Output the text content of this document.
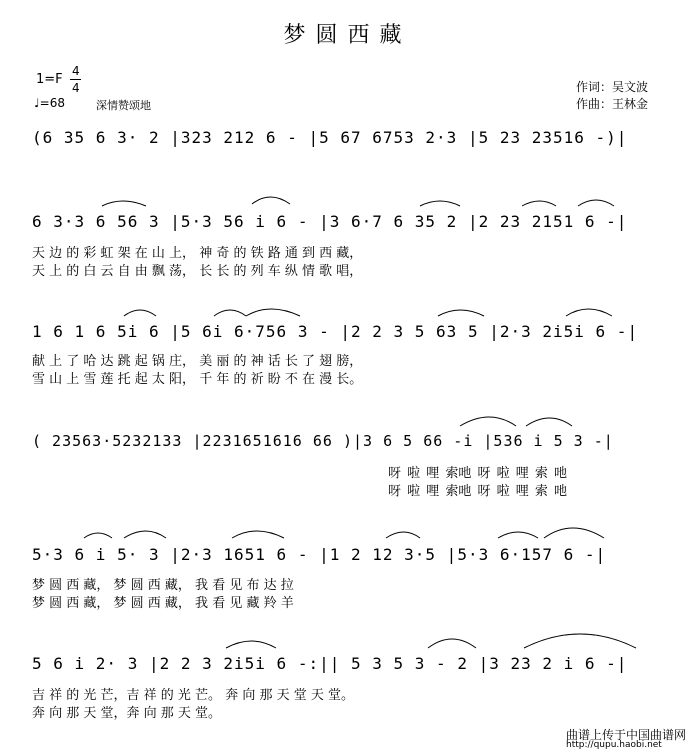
梦圆西藏
1=F
4
4
♩=68	深情赞颂地
作词：吴文波
作曲：王林金
(6 35 6 3· 2 |323 212 6 - |5 67 6753 2·3 |5 23 23516 -)|
6 3·3 6 56 3 |5·3 56 i 6 - |3 6·7 6 35 2 |2 23 2151 6 -|
天 边 的 彩 虹 架 在 山 上， 神 奇 的 铁 路 通 到 西 藏，
天 上 的 白 云 自 由 飘 荡， 长 长 的 列 车 纵 情 歌 唱，
1 6 1 6 5i 6 |5 6i 6·756 3 - |2 2 3 5 63 5 |2·3 2i5i 6 -|
献 上 了 哈 达 跳 起 锅 庄， 美 丽 的 神 话 长 了 翅 膀，
雪 山 上 雪 莲 托 起 太 阳， 千 年 的 祈 盼 不 在 漫 长。
( 23563·5232133 |2231651616 66 )|3 6 5 66 -i |536 i 5 3 -|
呀 啦 哩 索吔 呀 啦 哩 索 吔
呀 啦 哩 索吔 呀 啦 哩 索 吔
5·3 6 i 5· 3 |2·3 1651 6 - |1 2 12 3·5 |5·3 6·157 6 -|
梦 圆 西 藏， 梦 圆 西 藏， 我 看 见 布 达 拉
梦 圆 西 藏， 梦 圆 西 藏， 我 看 见 藏 羚 羊
5 6 i 2· 3 |2 2 3 2i5i 6 -:|| 5 3 5 3 - 2 |3 23 2 i 6 -|
吉 祥 的 光 芒，吉 祥 的 光 芒。 奔 向 那 天 堂 天 堂。
奔 向 那 天 堂，奔 向 那 天 堂。
曲谱上传于中国曲谱网
http://qupu.haobi.net
